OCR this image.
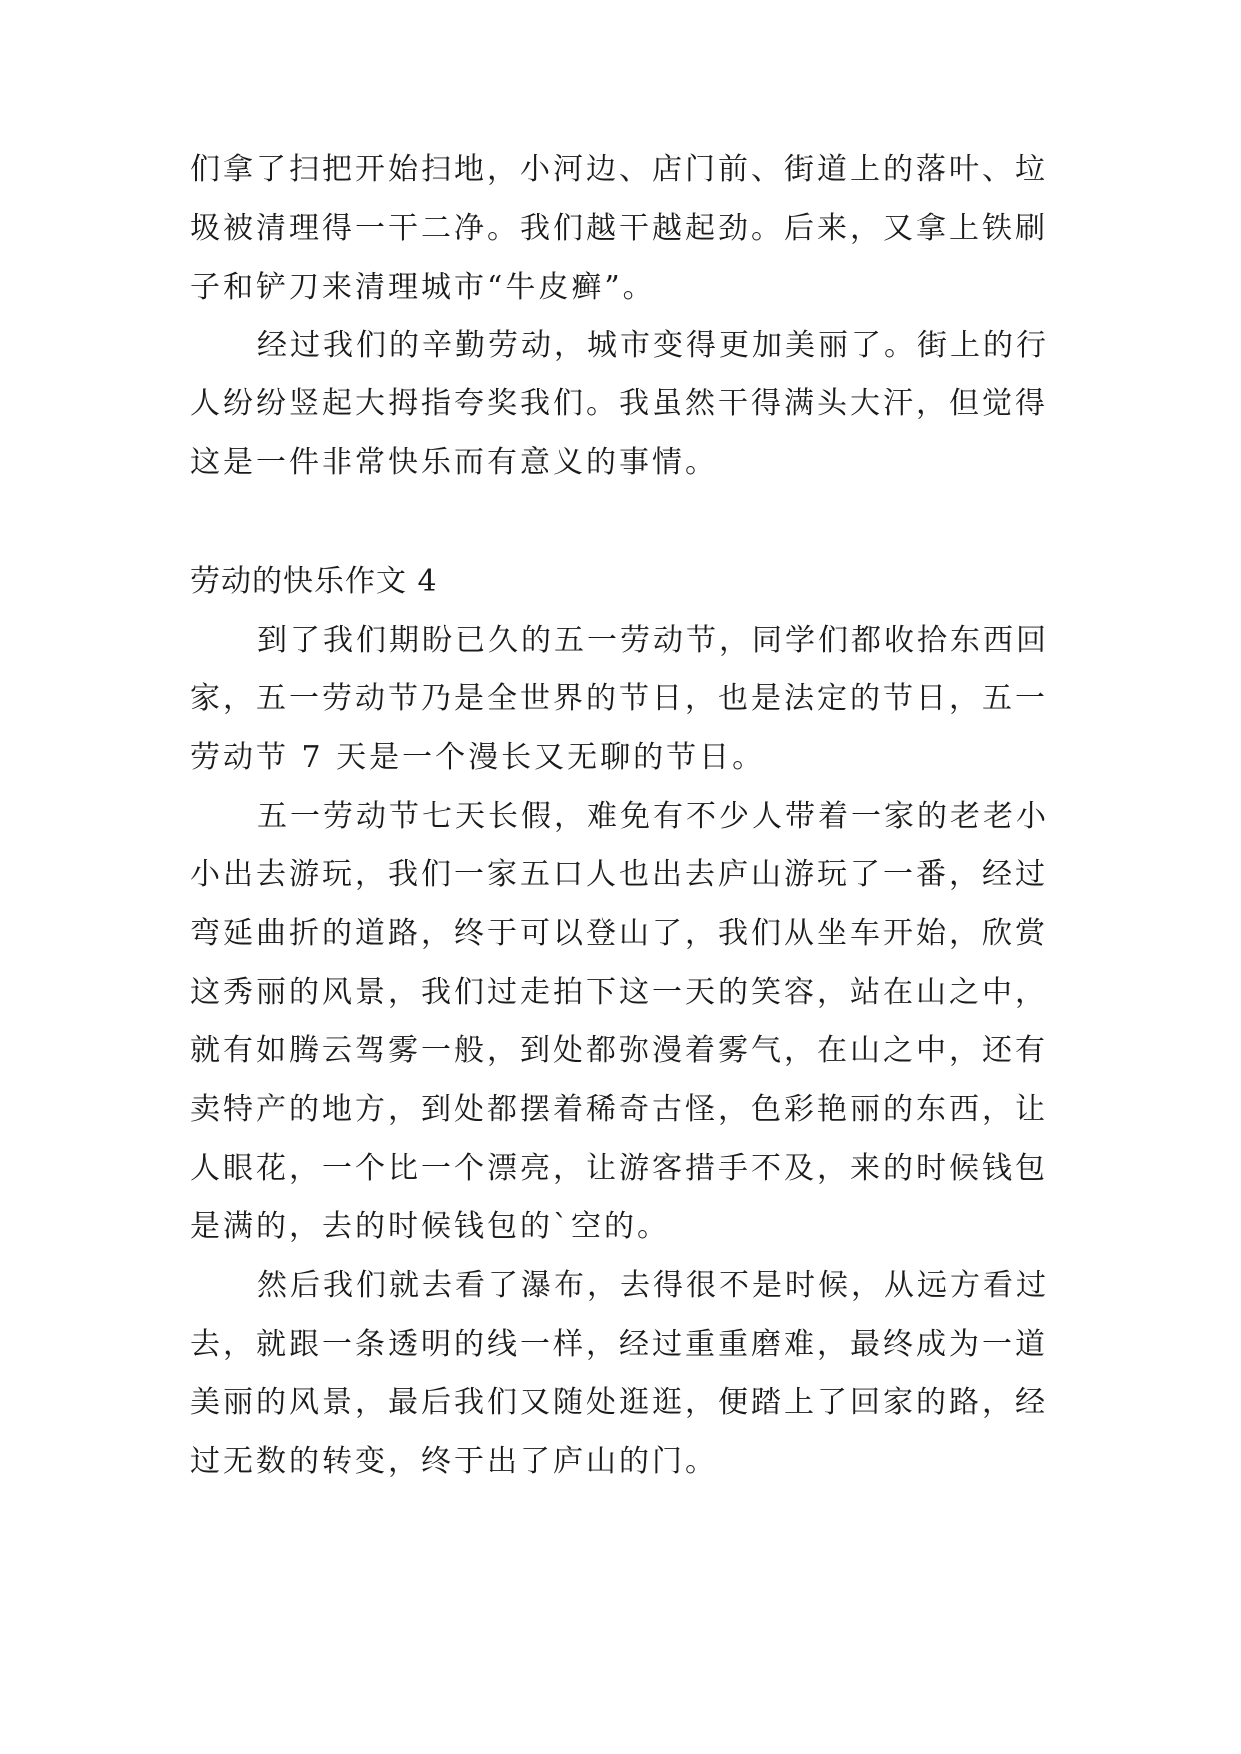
们拿了扫把开始扫地，小河边、店门前、街道上的落叶、垃
圾被清理得一干二净。我们越干越起劲。后来，又拿上铁刷
子和铲刀来清理城市“牛皮癣”。
经过我们的辛勤劳动，城市变得更加美丽了。街上的行
人纷纷竖起大拇指夸奖我们。我虽然干得满头大汗，但觉得
这是一件非常快乐而有意义的事情。
劳动的快乐作文 4
到了我们期盼已久的五一劳动节，同学们都收拾东西回
家，五一劳动节乃是全世界的节日，也是法定的节日，五一
劳动节 7 天是一个漫长又无聊的节日。
五一劳动节七天长假，难免有不少人带着一家的老老小
小出去游玩，我们一家五口人也出去庐山游玩了一番，经过
弯延曲折的道路，终于可以登山了，我们从坐车开始，欣赏
这秀丽的风景，我们过走拍下这一天的笑容，站在山之中，
就有如腾云驾雾一般，到处都弥漫着雾气，在山之中，还有
卖特产的地方，到处都摆着稀奇古怪，色彩艳丽的东西，让
人眼花，一个比一个漂亮，让游客措手不及，来的时候钱包
是满的，去的时候钱包的`空的。
然后我们就去看了瀑布，去得很不是时候，从远方看过
去，就跟一条透明的线一样，经过重重磨难，最终成为一道
美丽的风景，最后我们又随处逛逛，便踏上了回家的路，经
过无数的转变，终于出了庐山的门。
